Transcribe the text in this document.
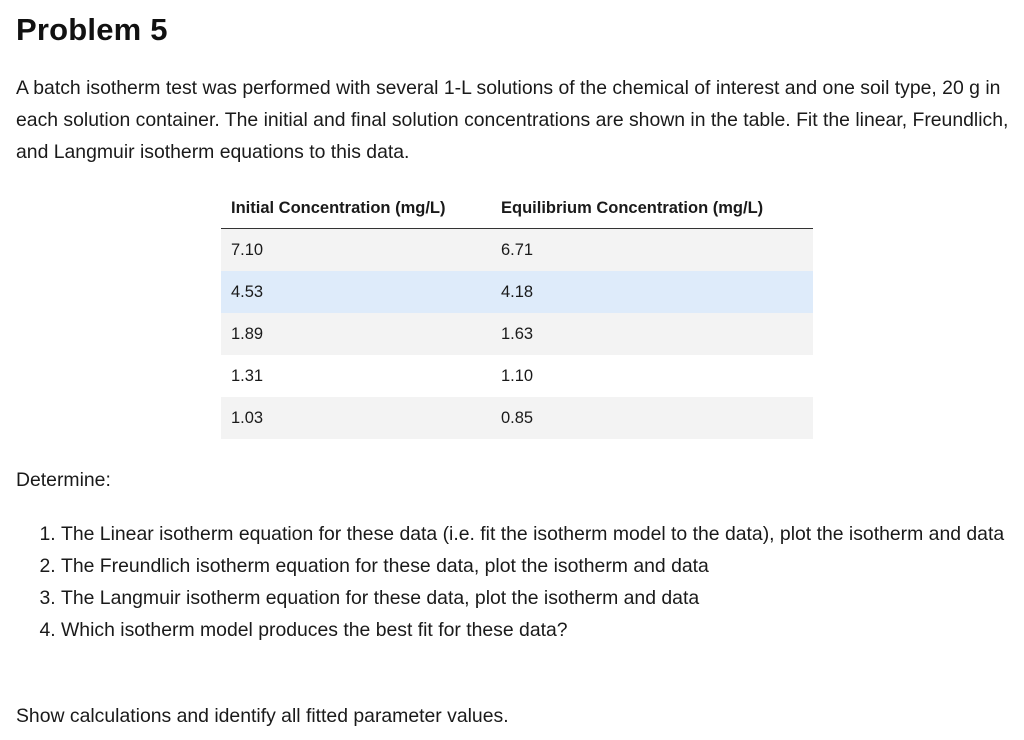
Problem 5

A batch isotherm test was performed with several 1-L solutions of the chemical of interest and one soil type, 20 g in each solution container. The initial and final solution concentrations are shown in the table. Fit the linear, Freundlich, and Langmuir isotherm equations to this data.

Initial Concentration (mg/L)	Equilibrium Concentration (mg/L)
7.10	6.71
4.53	4.18
1.89	1.63
1.31	1.10
1.03	0.85

Determine:

1. The Linear isotherm equation for these data (i.e. fit the isotherm model to the data), plot the isotherm and data
2. The Freundlich isotherm equation for these data, plot the isotherm and data
3. The Langmuir isotherm equation for these data, plot the isotherm and data
4. Which isotherm model produces the best fit for these data?

Show calculations and identify all fitted parameter values.
